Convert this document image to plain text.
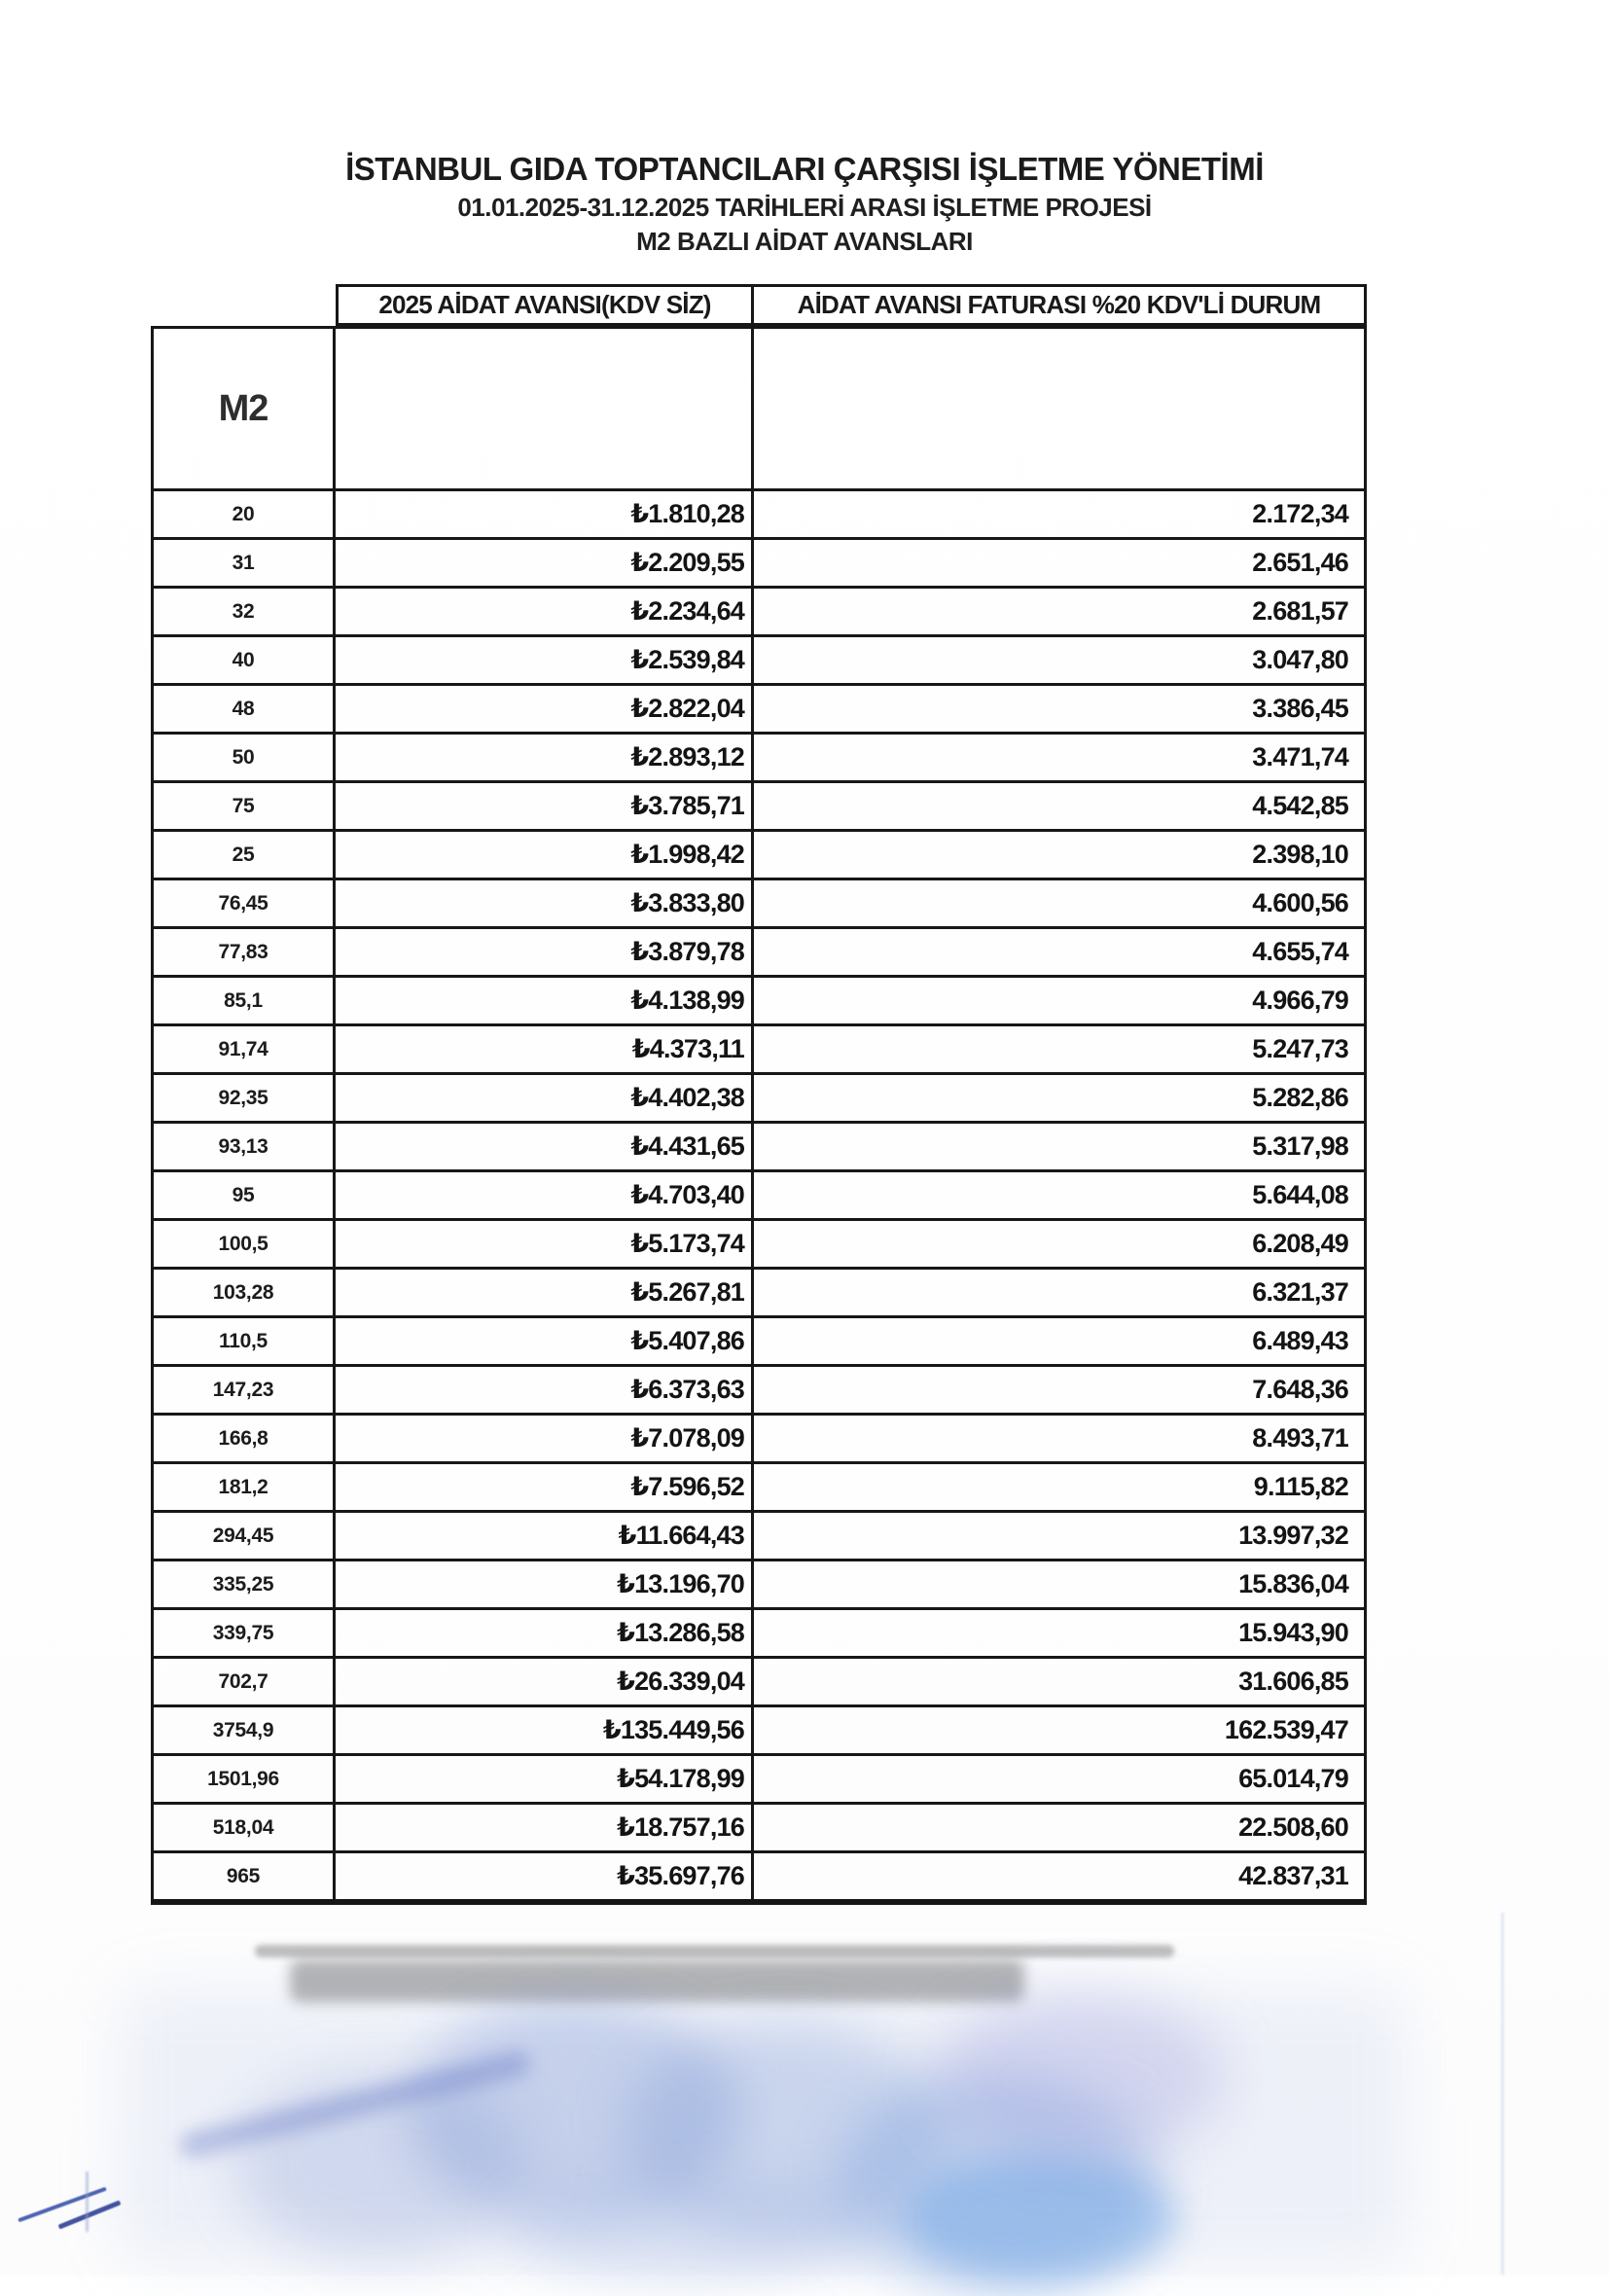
İSTANBUL GIDA TOPTANCILARI ÇARŞISI İŞLETME YÖNETİMİ
01.01.2025-31.12.2025 TARİHLERİ ARASI İŞLETME PROJESİ
M2 BAZLI AİDAT AVANSLARI
2025 AİDAT AVANSI(KDV SİZ)	AİDAT AVANSI FATURASI %20 KDV'Lİ DURUM
M2
20	₺1.810,28	2.172,34
31	₺2.209,55	2.651,46
32	₺2.234,64	2.681,57
40	₺2.539,84	3.047,80
48	₺2.822,04	3.386,45
50	₺2.893,12	3.471,74
75	₺3.785,71	4.542,85
25	₺1.998,42	2.398,10
76,45	₺3.833,80	4.600,56
77,83	₺3.879,78	4.655,74
85,1	₺4.138,99	4.966,79
91,74	₺4.373,11	5.247,73
92,35	₺4.402,38	5.282,86
93,13	₺4.431,65	5.317,98
95	₺4.703,40	5.644,08
100,5	₺5.173,74	6.208,49
103,28	₺5.267,81	6.321,37
110,5	₺5.407,86	6.489,43
147,23	₺6.373,63	7.648,36
166,8	₺7.078,09	8.493,71
181,2	₺7.596,52	9.115,82
294,45	₺11.664,43	13.997,32
335,25	₺13.196,70	15.836,04
339,75	₺13.286,58	15.943,90
702,7	₺26.339,04	31.606,85
3754,9	₺135.449,56	162.539,47
1501,96	₺54.178,99	65.014,79
518,04	₺18.757,16	22.508,60
965	₺35.697,76	42.837,31
